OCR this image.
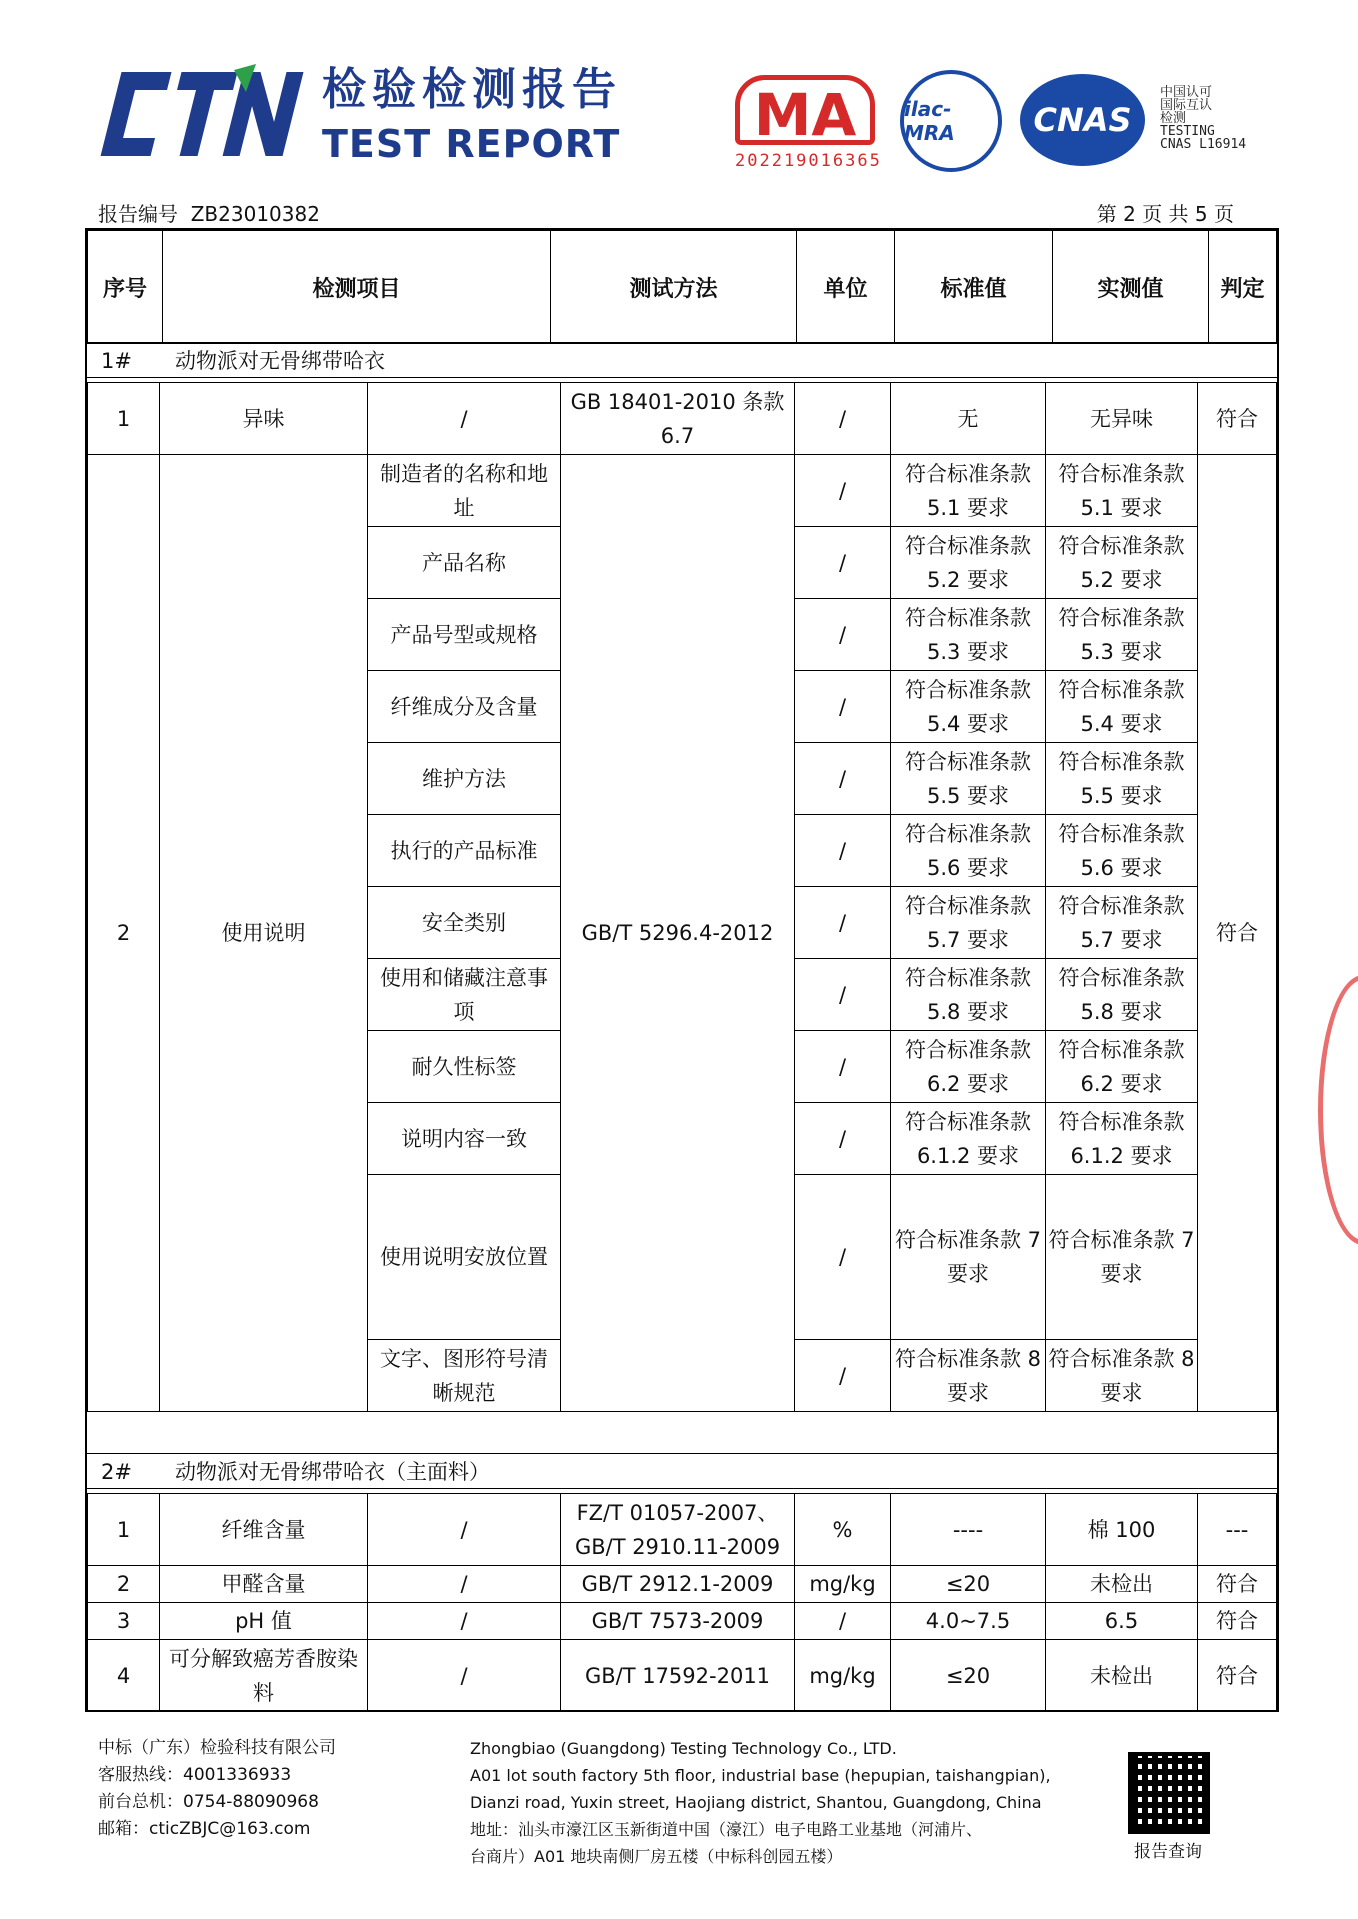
CTNC
检验检测报告
TEST REPORT	MA
202219016365
ilac-MRA	CNAS
中国认可
国际互认
检测
TESTING
CNAS L16914
报告编号 ZB23010382	第 2 页 共 5 页
序号	检测项目	测试方法	单位	标准值	实测值	判定
1# 动物派对无骨绑带哈衣
1	异味	/	GB 18401-2010 条款 6.7	/	无	无异味	符合
2	使用说明	制造者的名称和地址	GB/T 5296.4-2012	/	符合标准条款 5.1 要求	符合标准条款 5.1 要求	符合
		产品名称		/	符合标准条款 5.2 要求	符合标准条款 5.2 要求	
		产品号型或规格		/	符合标准条款 5.3 要求	符合标准条款 5.3 要求	
		纤维成分及含量		/	符合标准条款 5.4 要求	符合标准条款 5.4 要求	
		维护方法		/	符合标准条款 5.5 要求	符合标准条款 5.5 要求	
		执行的产品标准		/	符合标准条款 5.6 要求	符合标准条款 5.6 要求	
		安全类别		/	符合标准条款 5.7 要求	符合标准条款 5.7 要求	
		使用和储藏注意事项		/	符合标准条款 5.8 要求	符合标准条款 5.8 要求	
		耐久性标签		/	符合标准条款 6.2 要求	符合标准条款 6.2 要求	
		说明内容一致		/	符合标准条款 6.1.2 要求	符合标准条款 6.1.2 要求	
		使用说明安放位置		/	符合标准条款 7 要求	符合标准条款 7 要求	
		文字、图形符号清晰规范		/	符合标准条款 8 要求	符合标准条款 8 要求	
2# 动物派对无骨绑带哈衣（主面料）
1	纤维含量	/	FZ/T 01057-2007、GB/T 2910.11-2009	%	----	棉 100	---
2	甲醛含量	/	GB/T 2912.1-2009	mg/kg	≤20	未检出	符合
3	pH 值	/	GB/T 7573-2009	/	4.0~7.5	6.5	符合
4	可分解致癌芳香胺染料	/	GB/T 17592-2011	mg/kg	≤20	未检出	符合
中标（广东）检验科技有限公司
客服热线：4001336933
前台总机：0754-88090968
邮箱：cticZBJC@163.com
Zhongbiao (Guangdong) Testing Technology Co., LTD.
A01 lot south factory 5th floor, industrial base (hepupian, taishangpian),
Dianzi road, Yuxin street, Haojiang district, Shantou, Guangdong, China
地址：汕头市濠江区玉新街道中国（濠江）电子电路工业基地（河浦片、
台商片）A01 地块南侧厂房五楼（中标科创园五楼）	报告查询
